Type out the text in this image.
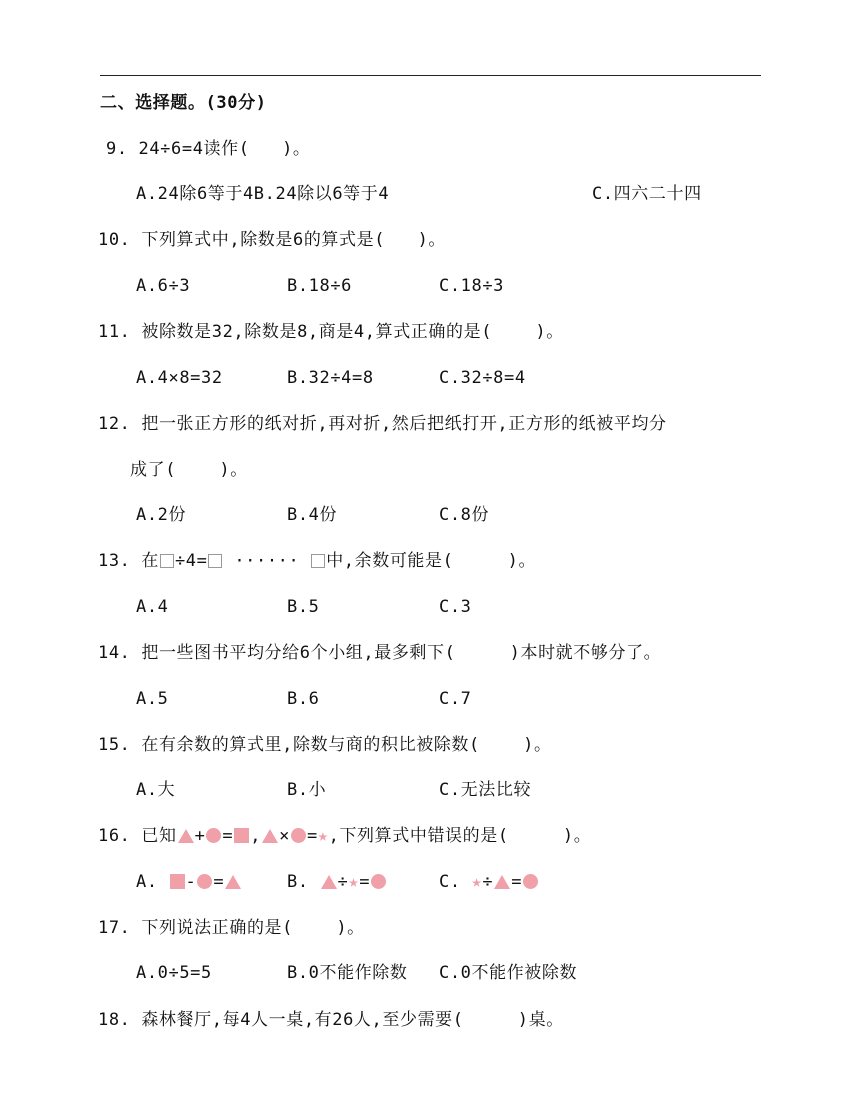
二、选择题。(30分)
9. 24÷6=4读作(   )。
A.24除6等于4B.24除以6等于4	C.四六二十四
10. 下列算式中,除数是6的算式是(   )。
A.6÷3	B.18÷6	C.18÷3
11. 被除数是32,除数是8,商是4,算式正确的是(    )。
A.4×8=32	B.32÷4=8	C.32÷8=4
12. 把一张正方形的纸对折,再对折,然后把纸打开,正方形的纸被平均分
成了(    )。
A.2份	B.4份	C.8份
13. 在 ÷4= ······ 中,余数可能是(     )。
A.4	B.5	C.3
14. 把一些图书平均分给6个小组,最多剩下(     )本时就不够分了。
A.5	B.6	C.7
15. 在有余数的算式里,除数与商的积比被除数(    )。
A.大	B.小	C.无法比较
16. 已知 + = , × =★,下列算式中错误的是(     )。
A. - =	B. ÷★=	C. ★÷ =
17. 下列说法正确的是(    )。
A.0÷5=5	B.0不能作除数 C.0不能作被除数
18. 森林餐厅,每4人一桌,有26人,至少需要(     )桌。
